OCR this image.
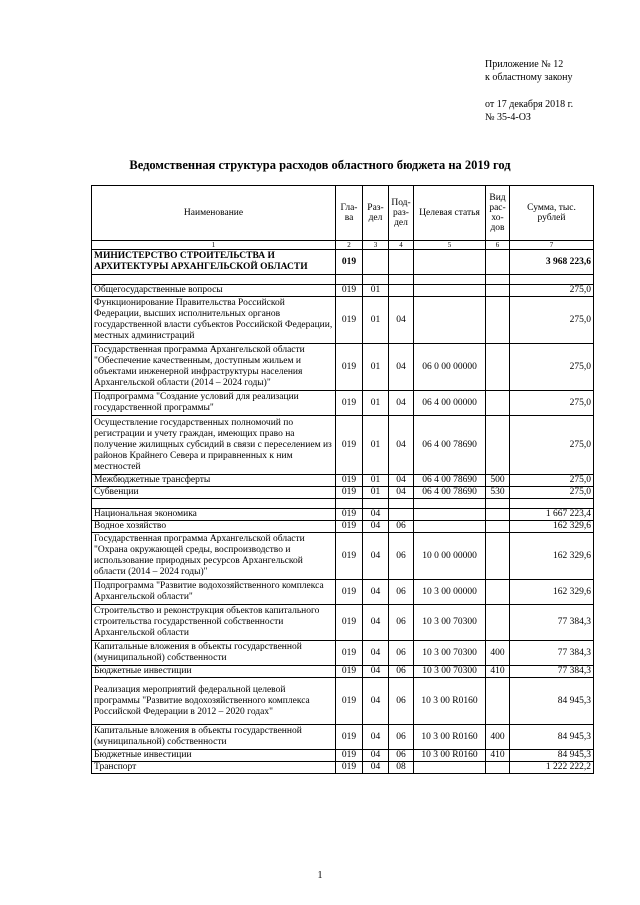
Приложение № 12
к областному закону
от 17 декабря 2018 г.
№ 35-4-ОЗ
Ведомственная структура расходов областного бюджета на 2019 год
Наименование	Гла- ва	Раз- дел	Под- раз- дел	Целевая статья	Вид рас- хо- дов	Сумма, тыс. рублей
1	2	3	4	5	6	7
МИНИСТЕРСТВО СТРОИТЕЛЬСТВА И АРХИТЕКТУРЫ АРХАНГЕЛЬСКОЙ ОБЛАСТИ	019					3 968 223,6

Общегосударственные вопросы	019	01				275,0
Функционирование Правительства Российской Федерации, высших исполнительных органов государственной власти субъектов Российской Федерации, местных администраций	019	01	04			275,0
Государственная программа Архангельской области "Обеспечение качественным, доступным жильем и объектами инженерной инфраструктуры населения Архангельской области (2014 – 2024 годы)"	019	01	04	06 0 00 00000		275,0
Подпрограмма "Создание условий для реализации государственной программы"	019	01	04	06 4 00 00000		275,0
Осуществление государственных полномочий по регистрации и учету граждан, имеющих право на получение жилищных субсидий в связи с переселением из районов Крайнего Севера и приравненных к ним местностей	019	01	04	06 4 00 78690		275,0
Межбюджетные трансферты	019	01	04	06 4 00 78690	500	275,0
Субвенции	019	01	04	06 4 00 78690	530	275,0

Национальная экономика	019	04				1 667 223,4
Водное хозяйство	019	04	06			162 329,6
Государственная программа Архангельской области "Охрана окружающей среды, воспроизводство и использование природных ресурсов Архангельской области (2014 – 2024 годы)"	019	04	06	10 0 00 00000		162 329,6
Подпрограмма "Развитие водохозяйственного комплекса Архангельской области"	019	04	06	10 3 00 00000		162 329,6
Строительство и реконструкция объектов капитального строительства государственной собственности Архангельской области	019	04	06	10 3 00 70300		77 384,3
Капитальные вложения в объекты государственной (муниципальной) собственности	019	04	06	10 3 00 70300	400	77 384,3
Бюджетные инвестиции	019	04	06	10 3 00 70300	410	77 384,3
Реализация мероприятий федеральной целевой программы "Развитие водохозяйственного комплекса Российской Федерации в 2012 – 2020 годах"	019	04	06	10 3 00 R0160		84 945,3
Капитальные вложения в объекты государственной (муниципальной) собственности	019	04	06	10 3 00 R0160	400	84 945,3
Бюджетные инвестиции	019	04	06	10 3 00 R0160	410	84 945,3
Транспорт	019	04	08			1 222 222,2
1
